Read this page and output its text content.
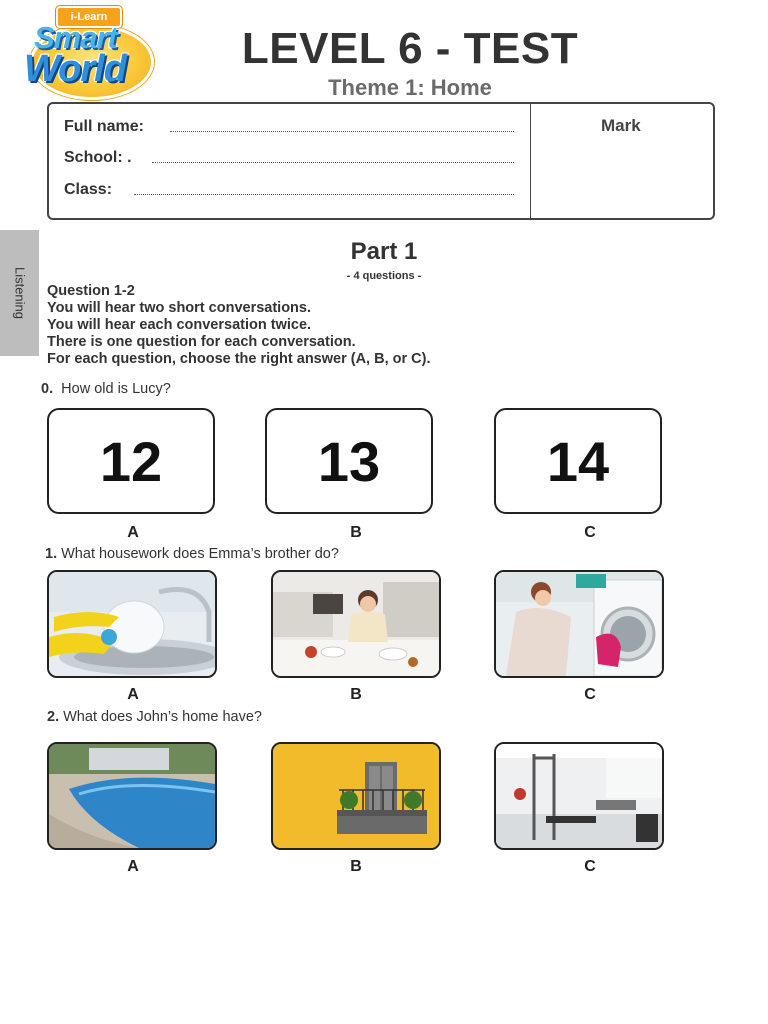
i-Learn
Smart
World	LEVEL 6 - TEST
Theme 1: Home
Full name:
School: .
Class:
Mark
Listening
Part 1
- 4 questions -
Question 1-2
You will hear two short conversations.
You will hear each conversation twice.
There is one question for each conversation.
For each question, choose the right answer (A, B, or C).
0. How old is Lucy?
12	13	14
A	B	C
1. What housework does Emma’s brother do?
A	B	C
2. What does John’s home have?
A	B	C
